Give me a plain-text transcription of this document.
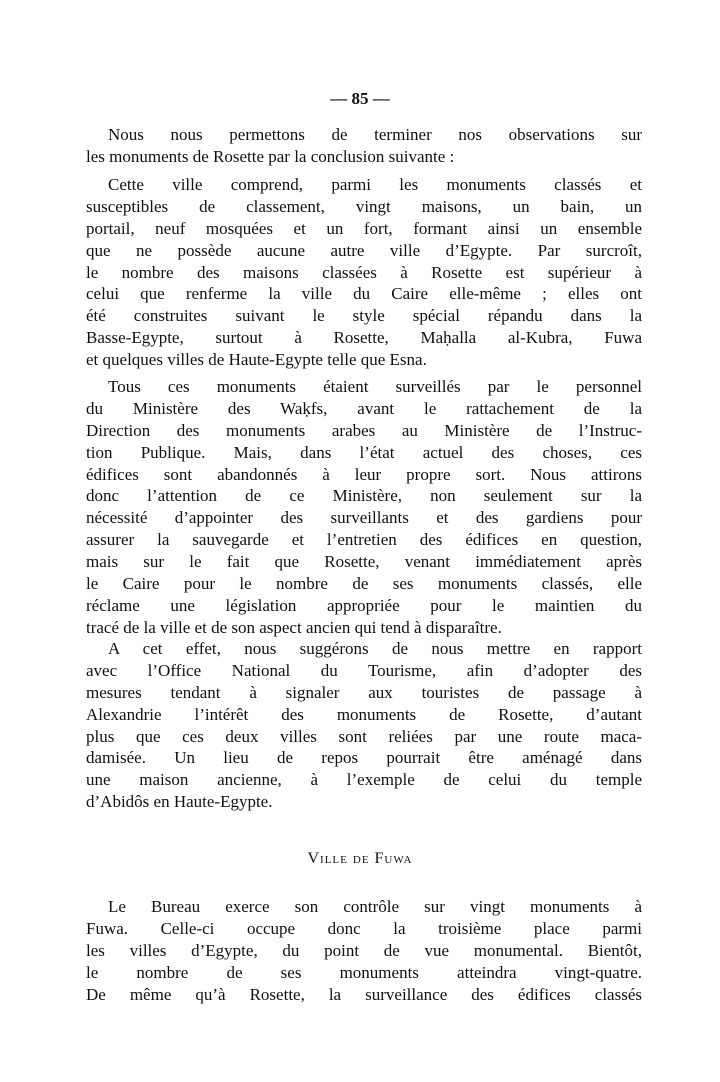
— 85 —
Nous nous permettons de terminer nos observations sur
les monuments de Rosette par la conclusion suivante :
Cette ville comprend, parmi les monuments classés et
susceptibles de classement, vingt maisons, un bain, un
portail, neuf mosquées et un fort, formant ainsi un ensemble
que ne possède aucune autre ville d’Egypte. Par surcroît,
le nombre des maisons classées à Rosette est supérieur à
celui que renferme la ville du Caire elle-même ; elles ont
été construites suivant le style spécial répandu dans la
Basse-Egypte, surtout à Rosette, Maḥalla al-Kubra, Fuwa
et quelques villes de Haute-Egypte telle que Esna.
Tous ces monuments étaient surveillés par le personnel
du Ministère des Waḳfs, avant le rattachement de la
Direction des monuments arabes au Ministère de l’Instruc-
tion Publique. Mais, dans l’état actuel des choses, ces
édifices sont abandonnés à leur propre sort. Nous attirons
donc l’attention de ce Ministère, non seulement sur la
nécessité d’appointer des surveillants et des gardiens pour
assurer la sauvegarde et l’entretien des édifices en question,
mais sur le fait que Rosette, venant immédiatement après
le Caire pour le nombre de ses monuments classés, elle
réclame une législation appropriée pour le maintien du
tracé de la ville et de son aspect ancien qui tend à disparaître.
A cet effet, nous suggérons de nous mettre en rapport
avec l’Office National du Tourisme, afin d’adopter des
mesures tendant à signaler aux touristes de passage à
Alexandrie l’intérêt des monuments de Rosette, d’autant
plus que ces deux villes sont reliées par une route maca-
damisée. Un lieu de repos pourrait être aménagé dans
une maison ancienne, à l’exemple de celui du temple
d’Abidôs en Haute-Egypte.
Ville de Fuwa
Le Bureau exerce son contrôle sur vingt monuments à
Fuwa. Celle-ci occupe donc la troisième place parmi
les villes d’Egypte, du point de vue monumental. Bientôt,
le nombre de ses monuments atteindra vingt-quatre.
De même qu’à Rosette, la surveillance des édifices classés
